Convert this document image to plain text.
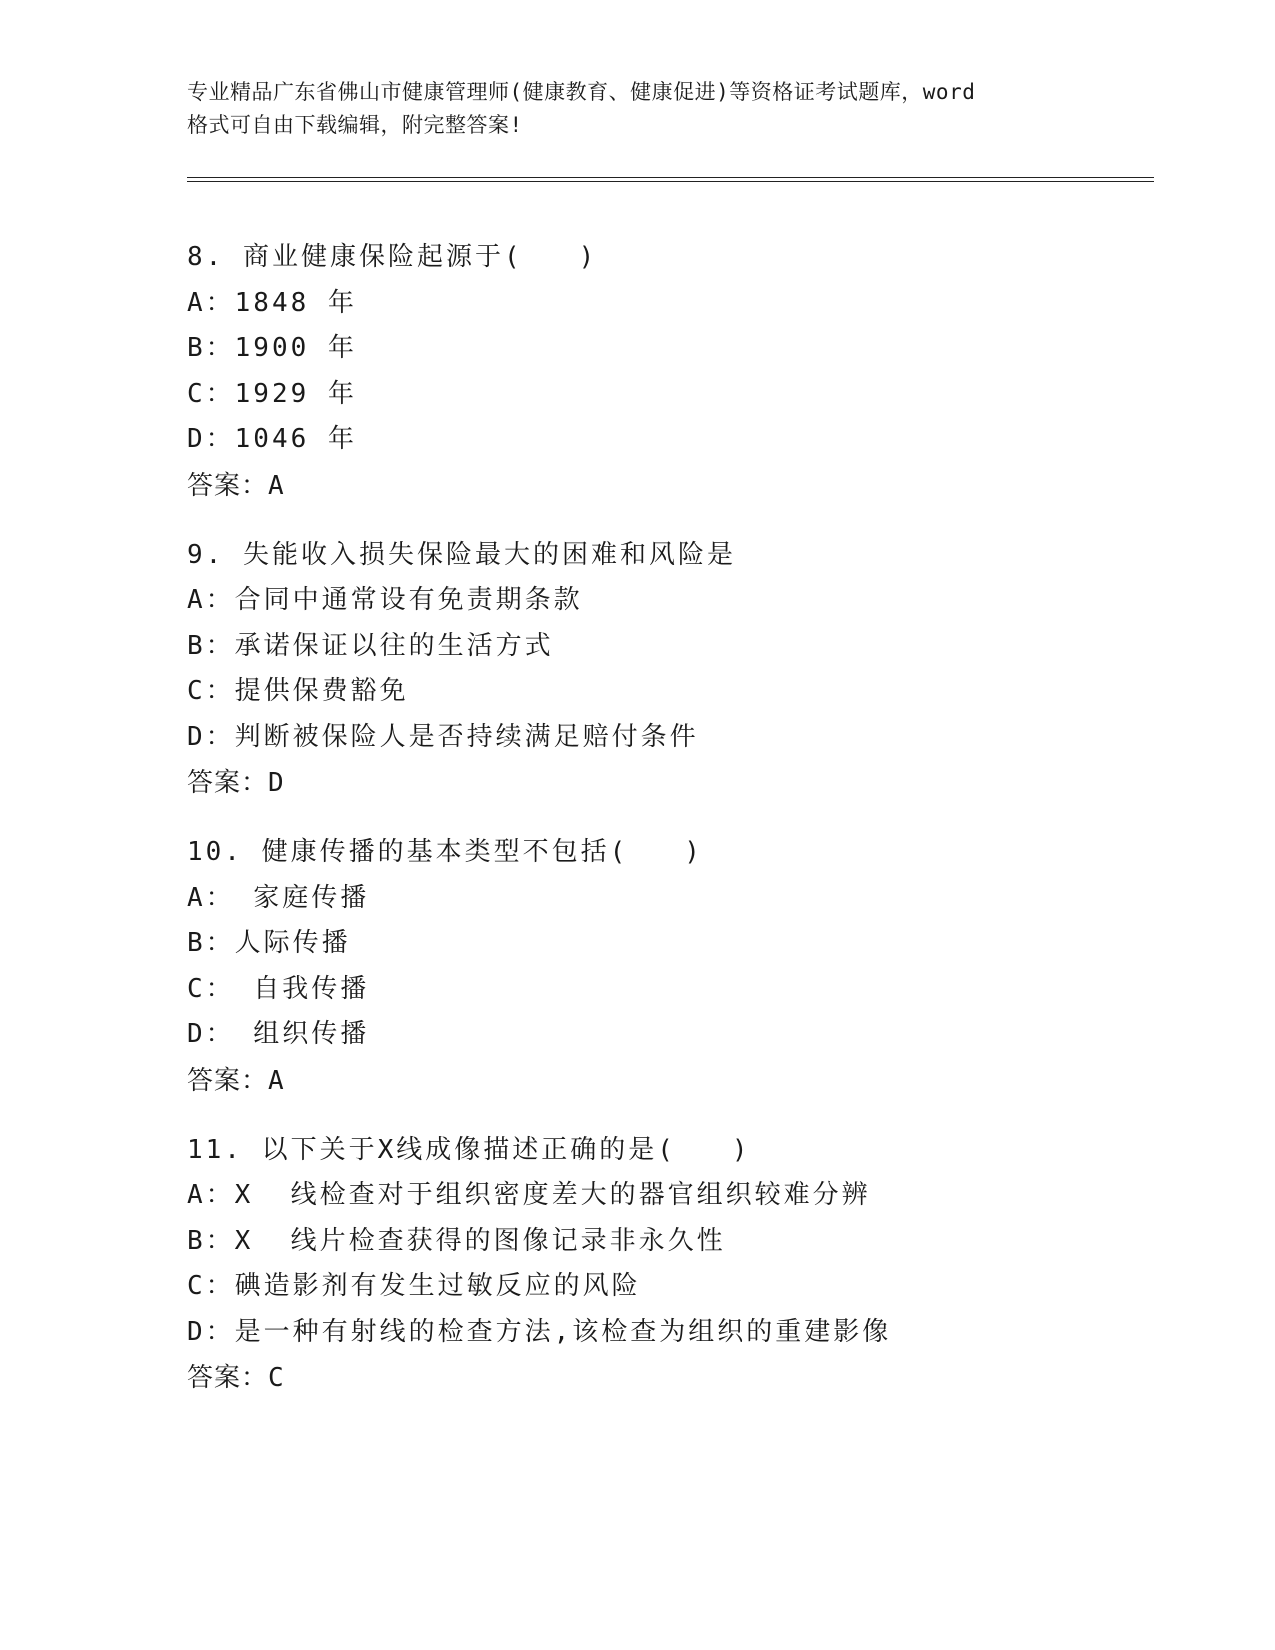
专业精品广东省佛山市健康管理师(健康教育、健康促进)等资格证考试题库，word
格式可自由下载编辑，附完整答案!
8. 商业健康保险起源于(   )
A：1848 年
B：1900 年
C：1929 年
D：1046 年
答案：A
9. 失能收入损失保险最大的困难和风险是
A：合同中通常设有免责期条款
B：承诺保证以往的生活方式
C：提供保费豁免
D：判断被保险人是否持续满足赔付条件
答案：D
10. 健康传播的基本类型不包括(   )
A： 家庭传播
B：人际传播
C： 自我传播
D： 组织传播
答案：A
11. 以下关于X线成像描述正确的是(   )
A：X  线检查对于组织密度差大的器官组织较难分辨
B：X  线片检查获得的图像记录非永久性
C：碘造影剂有发生过敏反应的风险
D：是一种有射线的检查方法,该检查为组织的重建影像
答案：C
